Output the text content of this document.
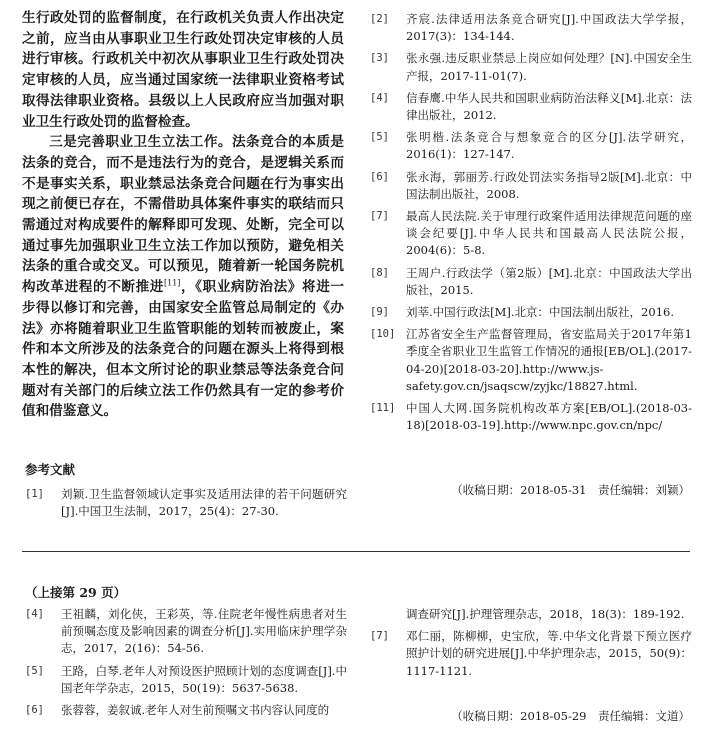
生行政处罚的监督制度，在行政机关负责人作出决定之前，应当由从事职业卫生行政处罚决定审核的人员进行审核。行政机关中初次从事职业卫生行政处罚决定审核的人员，应当通过国家统一法律职业资格考试取得法律职业资格。县级以上人民政府应当加强对职业卫生行政处罚的监督检查。

三是完善职业卫生立法工作。法条竞合的本质是法条的竞合，而不是违法行为的竞合，是逻辑关系而不是事实关系，职业禁忌法条竞合问题在行为事实出现之前便已存在，不需借助具体案件事实的联结而只需通过对构成要件的解释即可发现、处断，完全可以通过事先加强职业卫生立法工作加以预防，避免相关法条的重合或交叉。可以预见，随着新一轮国务院机构改革进程的不断推进[11]，《职业病防治法》将进一步得以修订和完善，由国家安全监管总局制定的《办法》亦将随着职业卫生监管职能的划转而被废止，案件和本文所涉及的法条竞合的问题在源头上将得到根本性的解决，但本文所讨论的职业禁忌等法条竞合问题对有关部门的后续立法工作仍然具有一定的参考价值和借鉴意义。

参考文献
[1]	刘颖.卫生监督领域认定事实及适用法律的若干问题研究[J].中国卫生法制，2017，25(4)：27-30.
[2]	齐宸.法律适用法条竞合研究[J].中国政法大学学报，2017(3)：134-144.
[3]	张永强.违反职业禁忌上岗应如何处理？[N].中国安全生产报，2017-11-01(7).
[4]	信春鹰.中华人民共和国职业病防治法释义[M].北京：法律出版社，2012.
[5]	张明楷.法条竞合与想象竞合的区分[J].法学研究，2016(1)：127-147.
[6]	张永海，郭丽芳.行政处罚法实务指导2版[M].北京：中国法制出版社，2008.
[7]	最高人民法院.关于审理行政案件适用法律规范问题的座谈会纪要[J].中华人民共和国最高人民法院公报，2004(6)：5-8.
[8]	王周户.行政法学（第2版）[M].北京：中国政法大学出版社，2015.
[9]	刘莘.中国行政法[M].北京：中国法制出版社，2016.
[10] 江苏省安全生产监督管理局，省安监局关于2017年第1季度全省职业卫生监管工作情况的通报[EB/OL].(2017-04-20)[2018-03-20].http://www.js-safety.gov.cn/jsaqscw/zyjkc/18827.html.
[11] 中国人大网.国务院机构改革方案[EB/OL].(2018-03-18)[2018-03-19].http://www.npc.gov.cn/npc/
（收稿日期：2018-05-31　责任编辑：刘颖）
（上接第 29 页）
[4]	王祖麟，刘化侠，王彩英，等.住院老年慢性病患者对生前预嘱态度及影响因素的调查分析[J].实用临床护理学杂志，2017，2(16)：54-56.
[5]	王路，白琴.老年人对预设医护照顾计划的态度调查[J].中国老年学杂志，2015，50(19)：5637-5638.
[6]	张蓉蓉，姜叙诚.老年人对生前预嘱文书内容认同度的
调查研究[J].护理管理杂志，2018，18(3)：189-192.
[7]	邓仁丽，陈柳柳，史宝欣，等.中华文化背景下预立医疗照护计划的研究进展[J].中华护理杂志，2015，50(9)：1117-1121.
（收稿日期：2018-05-29　责任编辑：文道）
